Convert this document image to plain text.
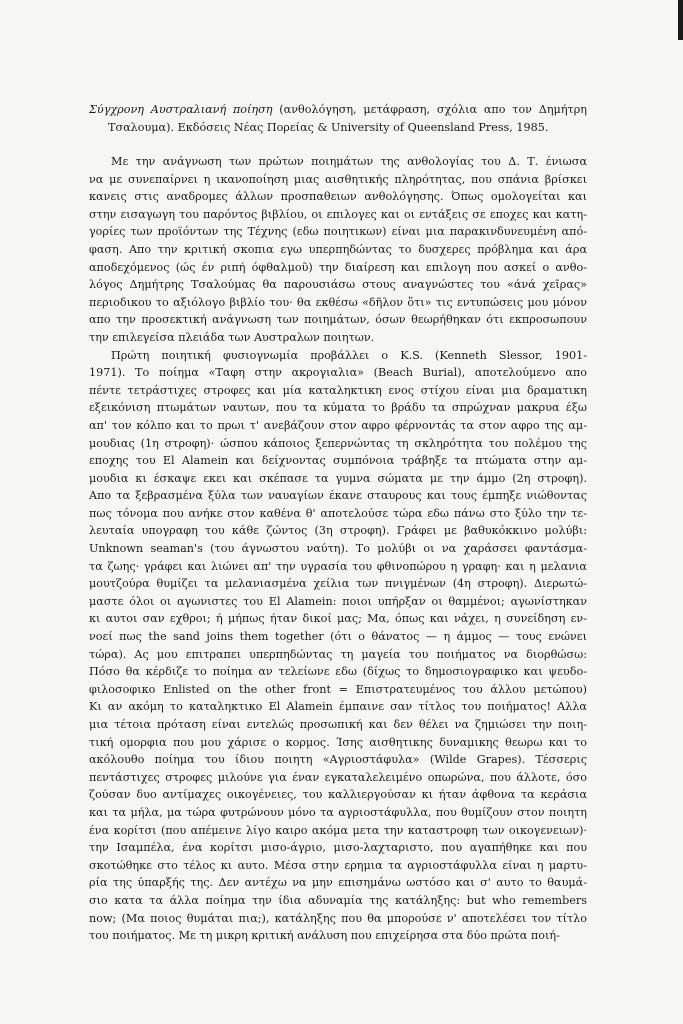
Σύγχρονη Αυστραλιανή ποίηση (ανθολόγηση, μετάφραση, σχόλια απο τον Δημήτρη
Τσαλουμα). Εκδόσεις Νέας Πορείας & University of Queensland Press, 1985.
Με την ανάγνωση των πρώτων ποιημάτων της ανθολογίας του Δ. Τ. ένιωσα
να με συνεπαίρνει η ικανοποίηση μιας αισθητικής πληρότητας, που σπάνια βρίσκει
κανεις στις αναδρομες άλλων προσπαθειων ανθολόγησης. Όπως ομολογείται και
στην εισαγωγη του παρόντος βιβλίου, οι επιλογες και οι εντάξεις σε εποχες και κατη-
γορίες των προϊόντων της Τέχνης (εδω ποιητικων) είναι μια παρακινδυνευμένη από-
φαση. Απο την κριτική σκοπια εγω υπερπηδώντας το δυσχερες πρόβλημα και άρα
αποδεχόμενος (ώς έν ριπή όφθαλμοῦ) την διαίρεση και επιλογη που ασκεί ο ανθο-
λόγος Δημήτρης Τσαλούμας θα παρουσιάσω στους αναγνώστες του «άνά χεῖρας»
περιοδικου το αξιόλογο βιβλίο του· θα εκθέσω «δῆλον ὅτι» τις εντυπώσεις μου μόνον
απο την προσεκτική ανάγνωση των ποιημάτων, όσων θεωρήθηκαν ότι εκπροσωπουν
την επιλεγείσα πλειάδα των Αυστραλων ποιητων.
Πρώτη ποιητική φυσιογνωμία προβάλλει ο K.S. (Kenneth Slessor, 1901-
1971). Το ποίημα «Ταφη στην ακρογιαλια» (Beach Burial), αποτελούμενο απο
πέντε τετράστιχες στροφες και μία καταληκτικη ενος στίχου είναι μια δραματικη
εξεικόνιση πτωμάτων ναυτων, που τα κύματα το βράδυ τα σπρώχναν μακρυα έξω
απ' τον κόλπο και το πρωι τ' ανεβάζουν στον αφρο φέρνοντάς τα στον αφρο της αμ-
μουδιας (1η στροφη)· ώσπου κάποιος ξεπερνώντας τη σκληρότητα του πολέμου της
εποχης του El Alamein και δείχνοντας συμπόνοια τράβηξε τα πτώματα στην αμ-
μουδια κι έσκαψε εκει και σκέπασε τα γυμνα σώματα με την άμμο (2η στροφη).
Απο τα ξεβρασμένα ξύλα των ναυαγίων έκανε σταυρους και τους έμπηξε νιώθοντας
πως τόνομα που ανήκε στον καθένα θ' αποτελούσε τώρα εδω πάνω στο ξύλο την τε-
λευταία υπογραφη του κάθε ζώντος (3η στροφη). Γράφει με βαθυκόκκινο μολύβι:
Unknown seaman's (του άγνωστου ναύτη). Το μολύβι οι να χαράσσει φαντάσμα-
τα ζωης· γράφει και λιώνει απ' την υγρασία του φθινοπώρου η γραφη· και η μελανια
μουτζούρα θυμίζει τα μελανιασμένα χείλια των πνιγμένων (4η στροφη). Διερωτώ-
μαστε όλοι οι αγωνιστες του El Alamein: ποιοι υπήρξαν οι θαμμένοι; αγωνίστηκαν
κι αυτοι σαν εχθροι; ή μήπως ήταν δικοί μας; Μα, όπως και νάχει, η συνείδηση εν-
νοεί πως the sand joins them together (ότι ο θάνατος — η άμμος — τους ενώνει
τώρα). Ας μου επιτραπει υπερπηδώντας τη μαγεία του ποιήματος να διορθώσω:
Πόσο θα κέρδιζε το ποίημα αν τελείωνε εδω (δίχως το δημοσιογραφικο και ψευδο-
φιλοσοφικο Enlisted on the other front = Επιστρατευμένος του άλλου μετώπου)
Κι αν ακόμη το καταληκτικο El Alamein έμπαινε σαν τίτλος του ποιήματος! Αλλα
μια τέτοια πρόταση είναι εντελώς προσωπική και δεν θέλει να ζημιώσει την ποιη-
τική ομορφια που μου χάρισε ο κορμος. Ίσης αισθητικης δυναμικης θεωρω και το
ακόλουθο ποίημα του ίδιου ποιητη «Αγριοστάφυλα» (Wilde Grapes). Τέσσερις
πεντάστιχες στροφες μιλούνε για έναν εγκαταλελειμένο οπωρώνα, που άλλοτε, όσο
ζούσαν δυο αντίμαχες οικογένειες, του καλλιεργούσαν κι ήταν άφθονα τα κεράσια
και τα μήλα, μα τώρα φυτρώνουν μόνο τα αγριοστάφυλλα, που θυμίζουν στον ποιητη
ένα κορίτσι (που απέμεινε λίγο καιρο ακόμα μετα την καταστροφη των οικογενειων)·
την Ισαμπέλα, ένα κορίτσι μισο-άγριο, μισο-λαχταριστο, που αγαπήθηκε και που
σκοτώθηκε στο τέλος κι αυτο. Μέσα στην ερημια τα αγριοστάφυλλα είναι η μαρτυ-
ρία της ύπαρξής της. Δεν αντέχω να μην επισημάνω ωστόσο και σ' αυτο το θαυμά-
σιο κατα τα άλλα ποίημα την ίδια αδυναμία της κατάληξης: but who remembers
now; (Μα ποιος θυμάται πια;), κατάληξης που θα μπορούσε ν' αποτελέσει τον τίτλο
του ποιήματος. Με τη μικρη κριτική ανάλυση που επιχείρησα στα δύο πρώτα ποιή-
